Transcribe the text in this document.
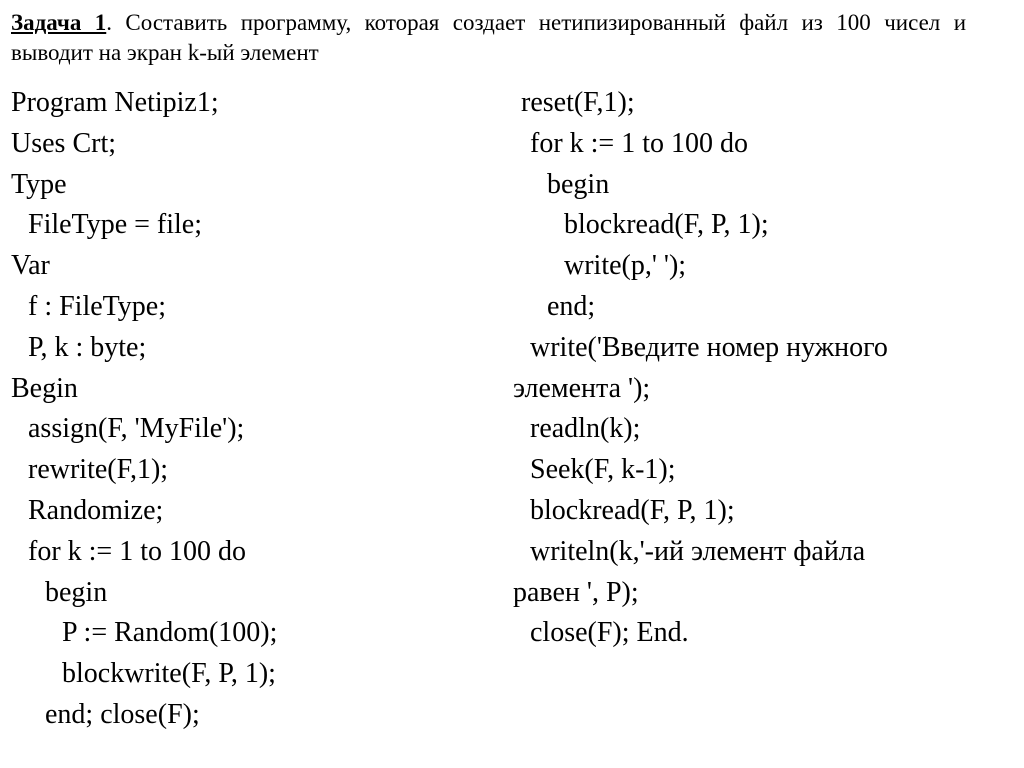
Задача 1. Составить программу, которая создает нетипизированный файл из 100 чисел и выводит на экран k-ый элемент
Program Netipiz1;
Uses Crt;
Type
FileType = file;
Var
f : FileType;
P, k : byte;
Begin
assign(F, 'MyFile');
rewrite(F,1);
Randomize;
for k := 1 to 100 do
begin
P := Random(100);
blockwrite(F, P, 1);
end; close(F);
reset(F,1);
for k := 1 to 100 do
begin
blockread(F, P, 1);
write(p,' ');
end;
write('Введите номер нужного
элемента ');
readln(k);
Seek(F, k-1);
blockread(F, P, 1);
writeln(k,'-ий элемент файла
равен ', P);
close(F); End.
